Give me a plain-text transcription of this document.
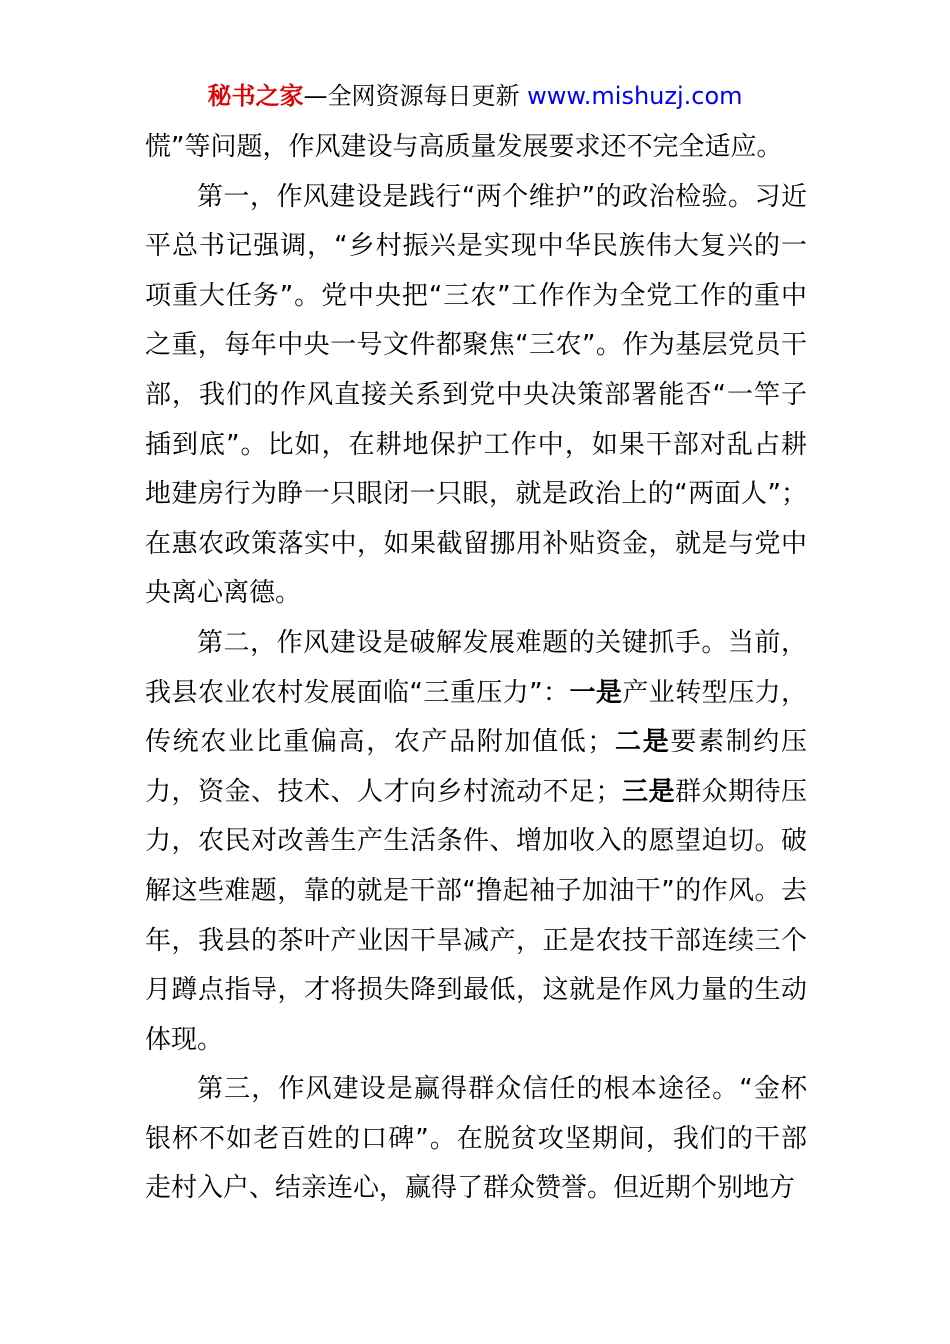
秘书之家—全网资源每日更新 www.mishuzj.com

慌”等问题，作风建设与高质量发展要求还不完全适应。

第一，作风建设是践行“两个维护”的政治检验。习近平总书记强调，“乡村振兴是实现中华民族伟大复兴的一项重大任务”。党中央把“三农”工作作为全党工作的重中之重，每年中央一号文件都聚焦“三农”。作为基层党员干部，我们的作风直接关系到党中央决策部署能否“一竿子插到底”。比如，在耕地保护工作中，如果干部对乱占耕地建房行为睁一只眼闭一只眼，就是政治上的“两面人”；在惠农政策落实中，如果截留挪用补贴资金，就是与党中央离心离德。

第二，作风建设是破解发展难题的关键抓手。当前，我县农业农村发展面临“三重压力”：一是产业转型压力，传统农业比重偏高，农产品附加值低；二是要素制约压力，资金、技术、人才向乡村流动不足；三是群众期待压力，农民对改善生产生活条件、增加收入的愿望迫切。破解这些难题，靠的就是干部“撸起袖子加油干”的作风。去年，我县的茶叶产业因干旱减产，正是农技干部连续三个月蹲点指导，才将损失降到最低，这就是作风力量的生动体现。

第三，作风建设是赢得群众信任的根本途径。“金杯银杯不如老百姓的口碑”。在脱贫攻坚期间，我们的干部走村入户、结亲连心，赢得了群众赞誉。但近期个别地方
